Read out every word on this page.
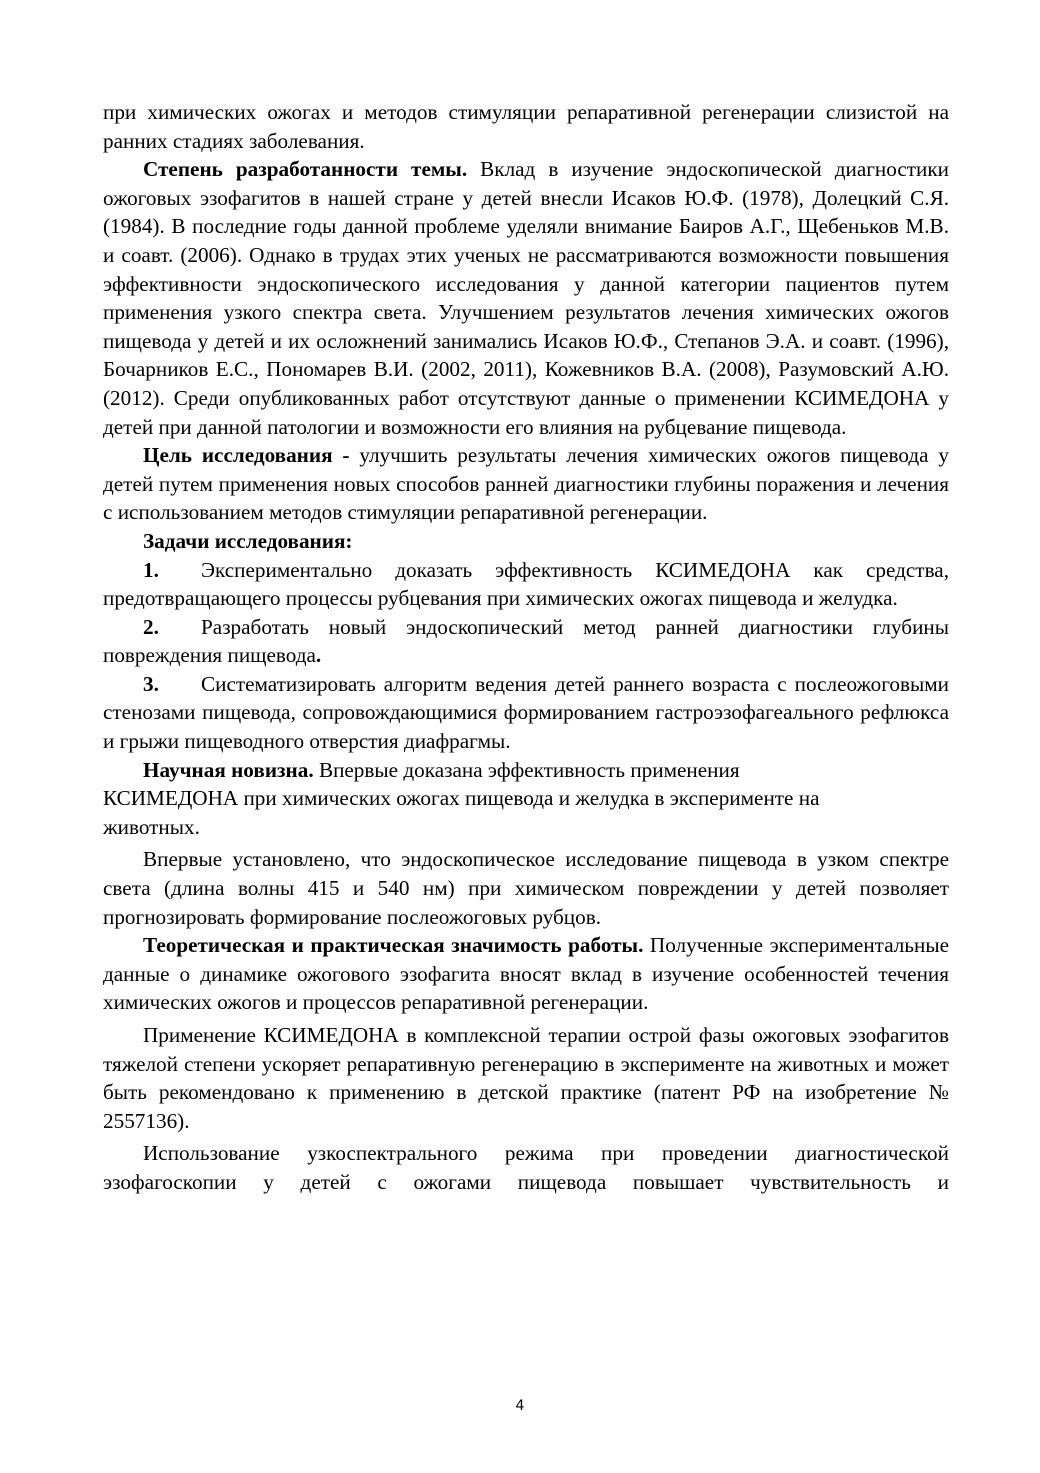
при химических ожогах и методов стимуляции репаративной регенерации слизистой на ранних стадиях заболевания.

Степень разработанности темы. Вклад в изучение эндоскопической диагностики ожоговых эзофагитов в нашей стране у детей внесли Исаков Ю.Ф. (1978), Долецкий С.Я. (1984). В последние годы данной проблеме уделяли внимание Баиров А.Г., Щебеньков М.В. и соавт. (2006). Однако в трудах этих ученых не рассматриваются возможности повышения эффективности эндоскопического исследования у данной категории пациентов путем применения узкого спектра света. Улучшением результатов лечения химических ожогов пищевода у детей и их осложнений занимались Исаков Ю.Ф., Степанов Э.А. и соавт. (1996), Бочарников Е.С., Пономарев В.И. (2002, 2011), Кожевников В.А. (2008), Разумовский А.Ю. (2012). Среди опубликованных работ отсутствуют данные о применении КСИМЕДОНА у детей при данной патологии и возможности его влияния на рубцевание пищевода.

Цель исследования - улучшить результаты лечения химических ожогов пищевода у детей путем применения новых способов ранней диагностики глубины поражения и лечения с использованием методов стимуляции репаративной регенерации.

Задачи исследования:

1. Экспериментально доказать эффективность КСИМЕДОНА как средства, предотвращающего процессы рубцевания при химических ожогах пищевода и желудка.

2. Разработать новый эндоскопический метод ранней диагностики глубины повреждения пищевода.

3. Систематизировать алгоритм ведения детей раннего возраста с послеожоговыми стенозами пищевода, сопровождающимися формированием гастроэзофагеального рефлюкса и грыжи пищеводного отверстия диафрагмы.

Научная новизна. Впервые доказана эффективность применения
КСИМЕДОНА при химических ожогах пищевода и желудка в эксперименте на
животных.

Впервые установлено, что эндоскопическое исследование пищевода в узком спектре света (длина волны 415 и 540 нм) при химическом повреждении у детей позволяет прогнозировать формирование послеожоговых рубцов.

Теоретическая и практическая значимость работы. Полученные экспериментальные данные о динамике ожогового эзофагита вносят вклад в изучение особенностей течения химических ожогов и процессов репаративной регенерации.

Применение КСИМЕДОНА в комплексной терапии острой фазы ожоговых эзофагитов тяжелой степени ускоряет репаративную регенерацию в эксперименте на животных и может быть рекомендовано к применению в детской практике (патент РФ на изобретение № 2557136).

Использование узкоспектрального режима при проведении диагностической эзофагоскопии у детей с ожогами пищевода повышает чувствительность и

4
